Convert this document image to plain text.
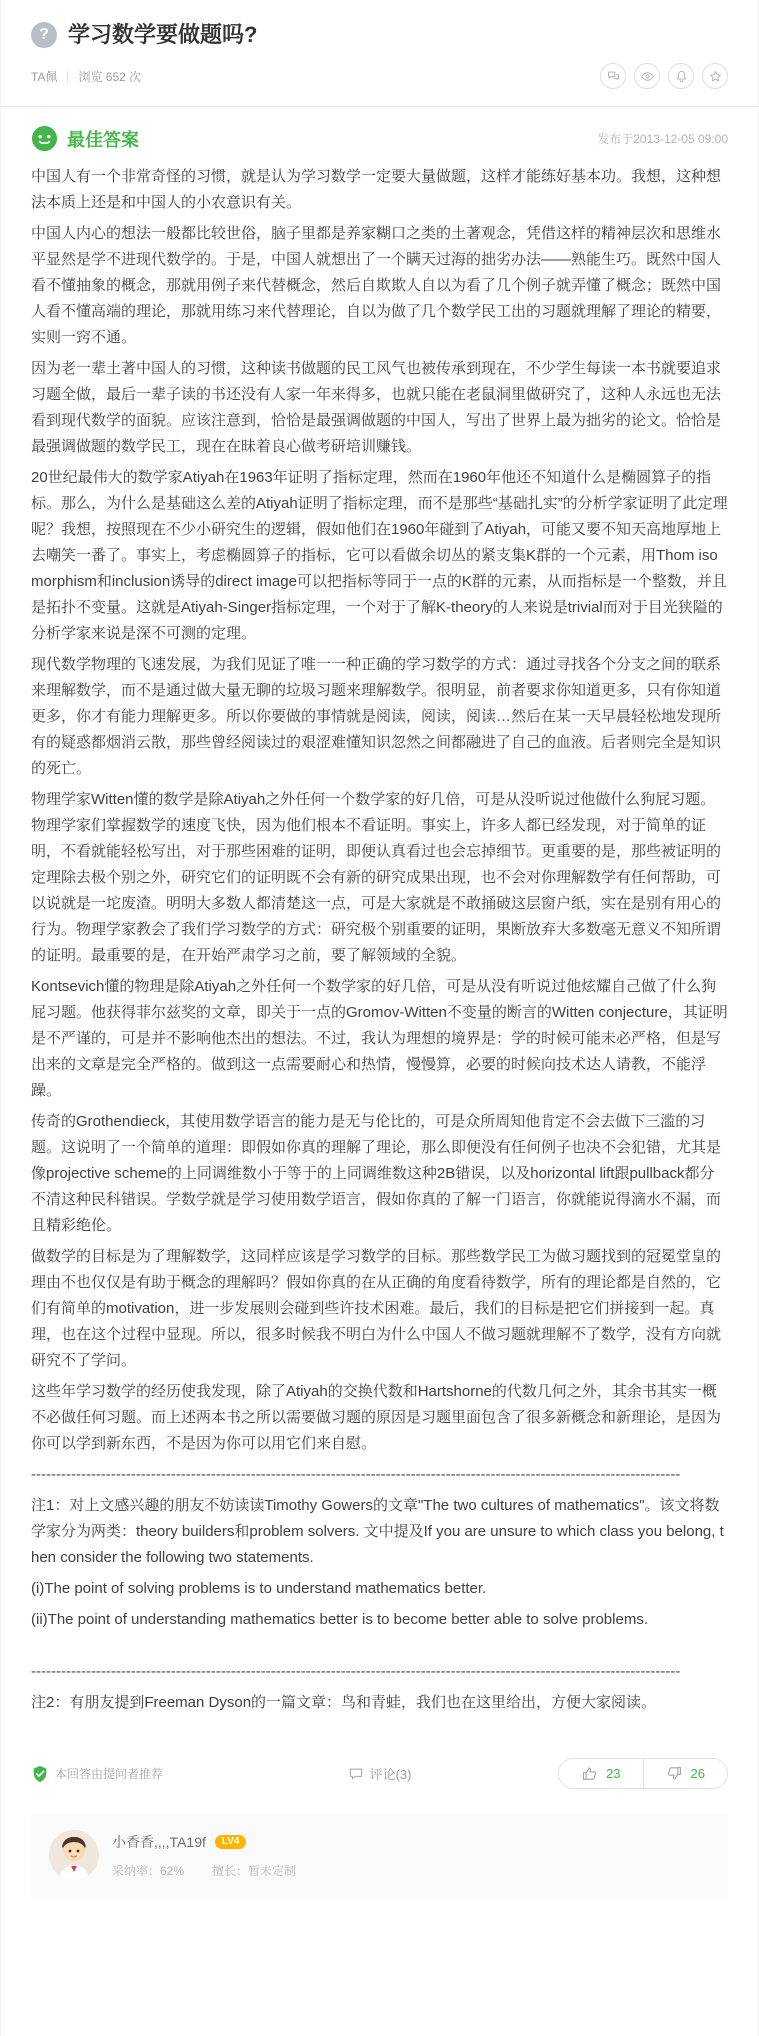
? 学习数学要做题吗?
TA佩 浏览 652 次
最佳答案	发布于2013-12-05 09:00

中国人有一个非常奇怪的习惯，就是认为学习数学一定要大量做题，这样才能练好基本功。我想，这种想法本质上还是和中国人的小农意识有关。

中国人内心的想法一般都比较世俗，脑子里都是养家糊口之类的土著观念，凭借这样的精神层次和思维水平显然是学不进现代数学的。于是，中国人就想出了一个瞒天过海的拙劣办法——熟能生巧。既然中国人看不懂抽象的概念，那就用例子来代替概念，然后自欺欺人自以为看了几个例子就弄懂了概念；既然中国人看不懂高端的理论，那就用练习来代替理论，自以为做了几个数学民工出的习题就理解了理论的精要，实则一窍不通。

因为老一辈土著中国人的习惯，这种读书做题的民工风气也被传承到现在，不少学生每读一本书就要追求习题全做，最后一辈子读的书还没有人家一年来得多，也就只能在老鼠洞里做研究了，这种人永远也无法看到现代数学的面貌。应该注意到，恰恰是最强调做题的中国人，写出了世界上最为拙劣的论文。恰恰是最强调做题的数学民工，现在在昧着良心做考研培训赚钱。

20世纪最伟大的数学家Atiyah在1963年证明了指标定理，然而在1960年他还不知道什么是椭圆算子的指标。那么，为什么是基础这么差的Atiyah证明了指标定理，而不是那些“基础扎实”的分析学家证明了此定理呢？我想，按照现在不少小研究生的逻辑，假如他们在1960年碰到了Atiyah，可能又要不知天高地厚地上去嘲笑一番了。事实上，考虑椭圆算子的指标，它可以看做余切丛的紧支集K群的一个元素，用Thom isomorphism和inclusion诱导的direct image可以把指标等同于一点的K群的元素，从而指标是一个整数，并且是拓扑不变量。这就是Atiyah-Singer指标定理，一个对于了解K-theory的人来说是trivial而对于目光狭隘的分析学家来说是深不可测的定理。

现代数学物理的飞速发展，为我们见证了唯一一种正确的学习数学的方式：通过寻找各个分支之间的联系来理解数学，而不是通过做大量无聊的垃圾习题来理解数学。很明显，前者要求你知道更多，只有你知道更多，你才有能力理解更多。所以你要做的事情就是阅读，阅读，阅读…然后在某一天早晨轻松地发现所有的疑惑都烟消云散，那些曾经阅读过的艰涩难懂知识忽然之间都融进了自己的血液。后者则完全是知识的死亡。

物理学家Witten懂的数学是除Atiyah之外任何一个数学家的好几倍，可是从没听说过他做什么狗屁习题。物理学家们掌握数学的速度飞快，因为他们根本不看证明。事实上，许多人都已经发现，对于简单的证明，不看就能轻松写出，对于那些困难的证明，即便认真看过也会忘掉细节。更重要的是，那些被证明的定理除去极个别之外，研究它们的证明既不会有新的研究成果出现，也不会对你理解数学有任何帮助，可以说就是一坨废渣。明明大多数人都清楚这一点，可是大家就是不敢捅破这层窗户纸，实在是别有用心的行为。物理学家教会了我们学习数学的方式：研究极个别重要的证明，果断放弃大多数毫无意义不知所谓的证明。最重要的是，在开始严肃学习之前，要了解领域的全貌。

Kontsevich懂的物理是除Atiyah之外任何一个数学家的好几倍，可是从没有听说过他炫耀自己做了什么狗屁习题。他获得菲尔兹奖的文章，即关于一点的Gromov-Witten不变量的断言的Witten conjecture，其证明是不严谨的，可是并不影响他杰出的想法。不过，我认为理想的境界是：学的时候可能未必严格，但是写出来的文章是完全严格的。做到这一点需要耐心和热情，慢慢算，必要的时候向技术达人请教，不能浮躁。

传奇的Grothendieck，其使用数学语言的能力是无与伦比的，可是众所周知他肯定不会去做下三滥的习题。这说明了一个简单的道理：即假如你真的理解了理论，那么即便没有任何例子也决不会犯错，尤其是像projective scheme的上同调维数小于等于的上同调维数这种2B错误，以及horizontal lift跟pullback都分不清这种民科错误。学数学就是学习使用数学语言，假如你真的了解一门语言，你就能说得滴水不漏，而且精彩绝伦。

做数学的目标是为了理解数学，这同样应该是学习数学的目标。那些数学民工为做习题找到的冠冕堂皇的理由不也仅仅是有助于概念的理解吗？假如你真的在从正确的角度看待数学，所有的理论都是自然的，它们有简单的motivation，进一步发展则会碰到些许技术困难。最后，我们的目标是把它们拼接到一起。真理，也在这个过程中显现。所以，很多时候我不明白为什么中国人不做习题就理解不了数学，没有方向就研究不了学问。

这些年学习数学的经历使我发现，除了Atiyah的交换代数和Hartshorne的代数几何之外，其余书其实一概不必做任何习题。而上述两本书之所以需要做习题的原因是习题里面包含了很多新概念和新理论，是因为你可以学到新东西，不是因为你可以用它们来自慰。

----------------------------------------------------------------------------------------------------------------------------------

注1：对上文感兴趣的朋友不妨读读Timothy Gowers的文章"The two cultures of mathematics"。该文将数学家分为两类：theory builders和problem solvers. 文中提及If you are unsure to which class you belong, then consider the following two statements.

(i)The point of solving problems is to understand mathematics better.

(ii)The point of understanding mathematics better is to become better able to solve problems.

----------------------------------------------------------------------------------------------------------------------------------

注2：有朋友提到Freeman Dyson的一篇文章：鸟和青蛙，我们也在这里给出，方便大家阅读。

本回答由提问者推荐	评论(3)	23	26
小香香,,,,TA19f	LV4
采纳率：62% 擅长：暂未定制
